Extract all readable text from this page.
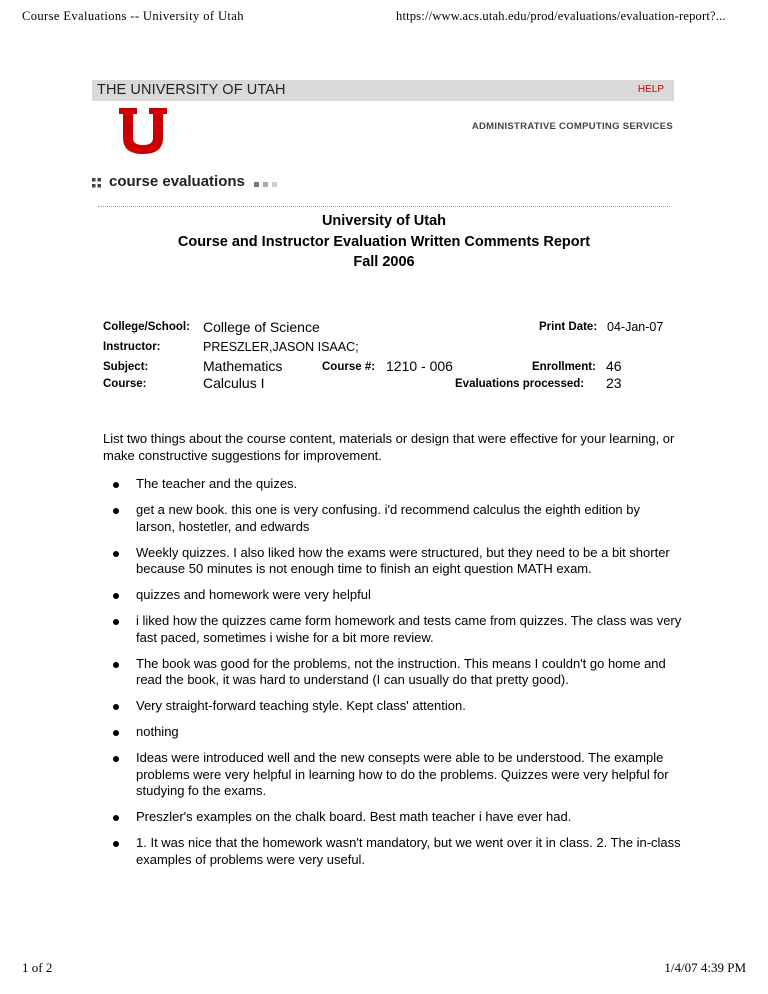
Course Evaluations -- University of Utah	https://www.acs.utah.edu/prod/evaluations/evaluation-report?...
THE UNIVERSITY OF UTAH	HELP
ADMINISTRATIVE COMPUTING SERVICES
course evaluations
University of Utah
Course and Instructor Evaluation Written Comments Report
Fall 2006
College/School: College of Science	Print Date: 04-Jan-07
Instructor:	PRESZLER,JASON ISAAC;
Subject:	Mathematics	Course #: 1210 - 006	Enrollment: 46
Course:	Calculus I	Evaluations processed: 23
List two things about the course content, materials or design that were effective for your learning, or make constructive suggestions for improvement.
The teacher and the quizes.
get a new book. this one is very confusing. i'd recommend calculus the eighth edition by larson, hostetler, and edwards
Weekly quizzes. I also liked how the exams were structured, but they need to be a bit shorter because 50 minutes is not enough time to finish an eight question MATH exam.
quizzes and homework were very helpful
i liked how the quizzes came form homework and tests came from quizzes. The class was very fast paced, sometimes i wishe for a bit more review.
The book was good for the problems, not the instruction. This means I couldn't go home and read the book, it was hard to understand (I can usually do that pretty good).
Very straight-forward teaching style. Kept class' attention.
nothing
Ideas were introduced well and the new consepts were able to be understood. The example problems were very helpful in learning how to do the problems. Quizzes were very helpful for studying fo the exams.
Preszler's examples on the chalk board. Best math teacher i have ever had.
1. It was nice that the homework wasn't mandatory, but we went over it in class. 2. The in-class examples of problems were very useful.
1 of 2	1/4/07 4:39 PM
